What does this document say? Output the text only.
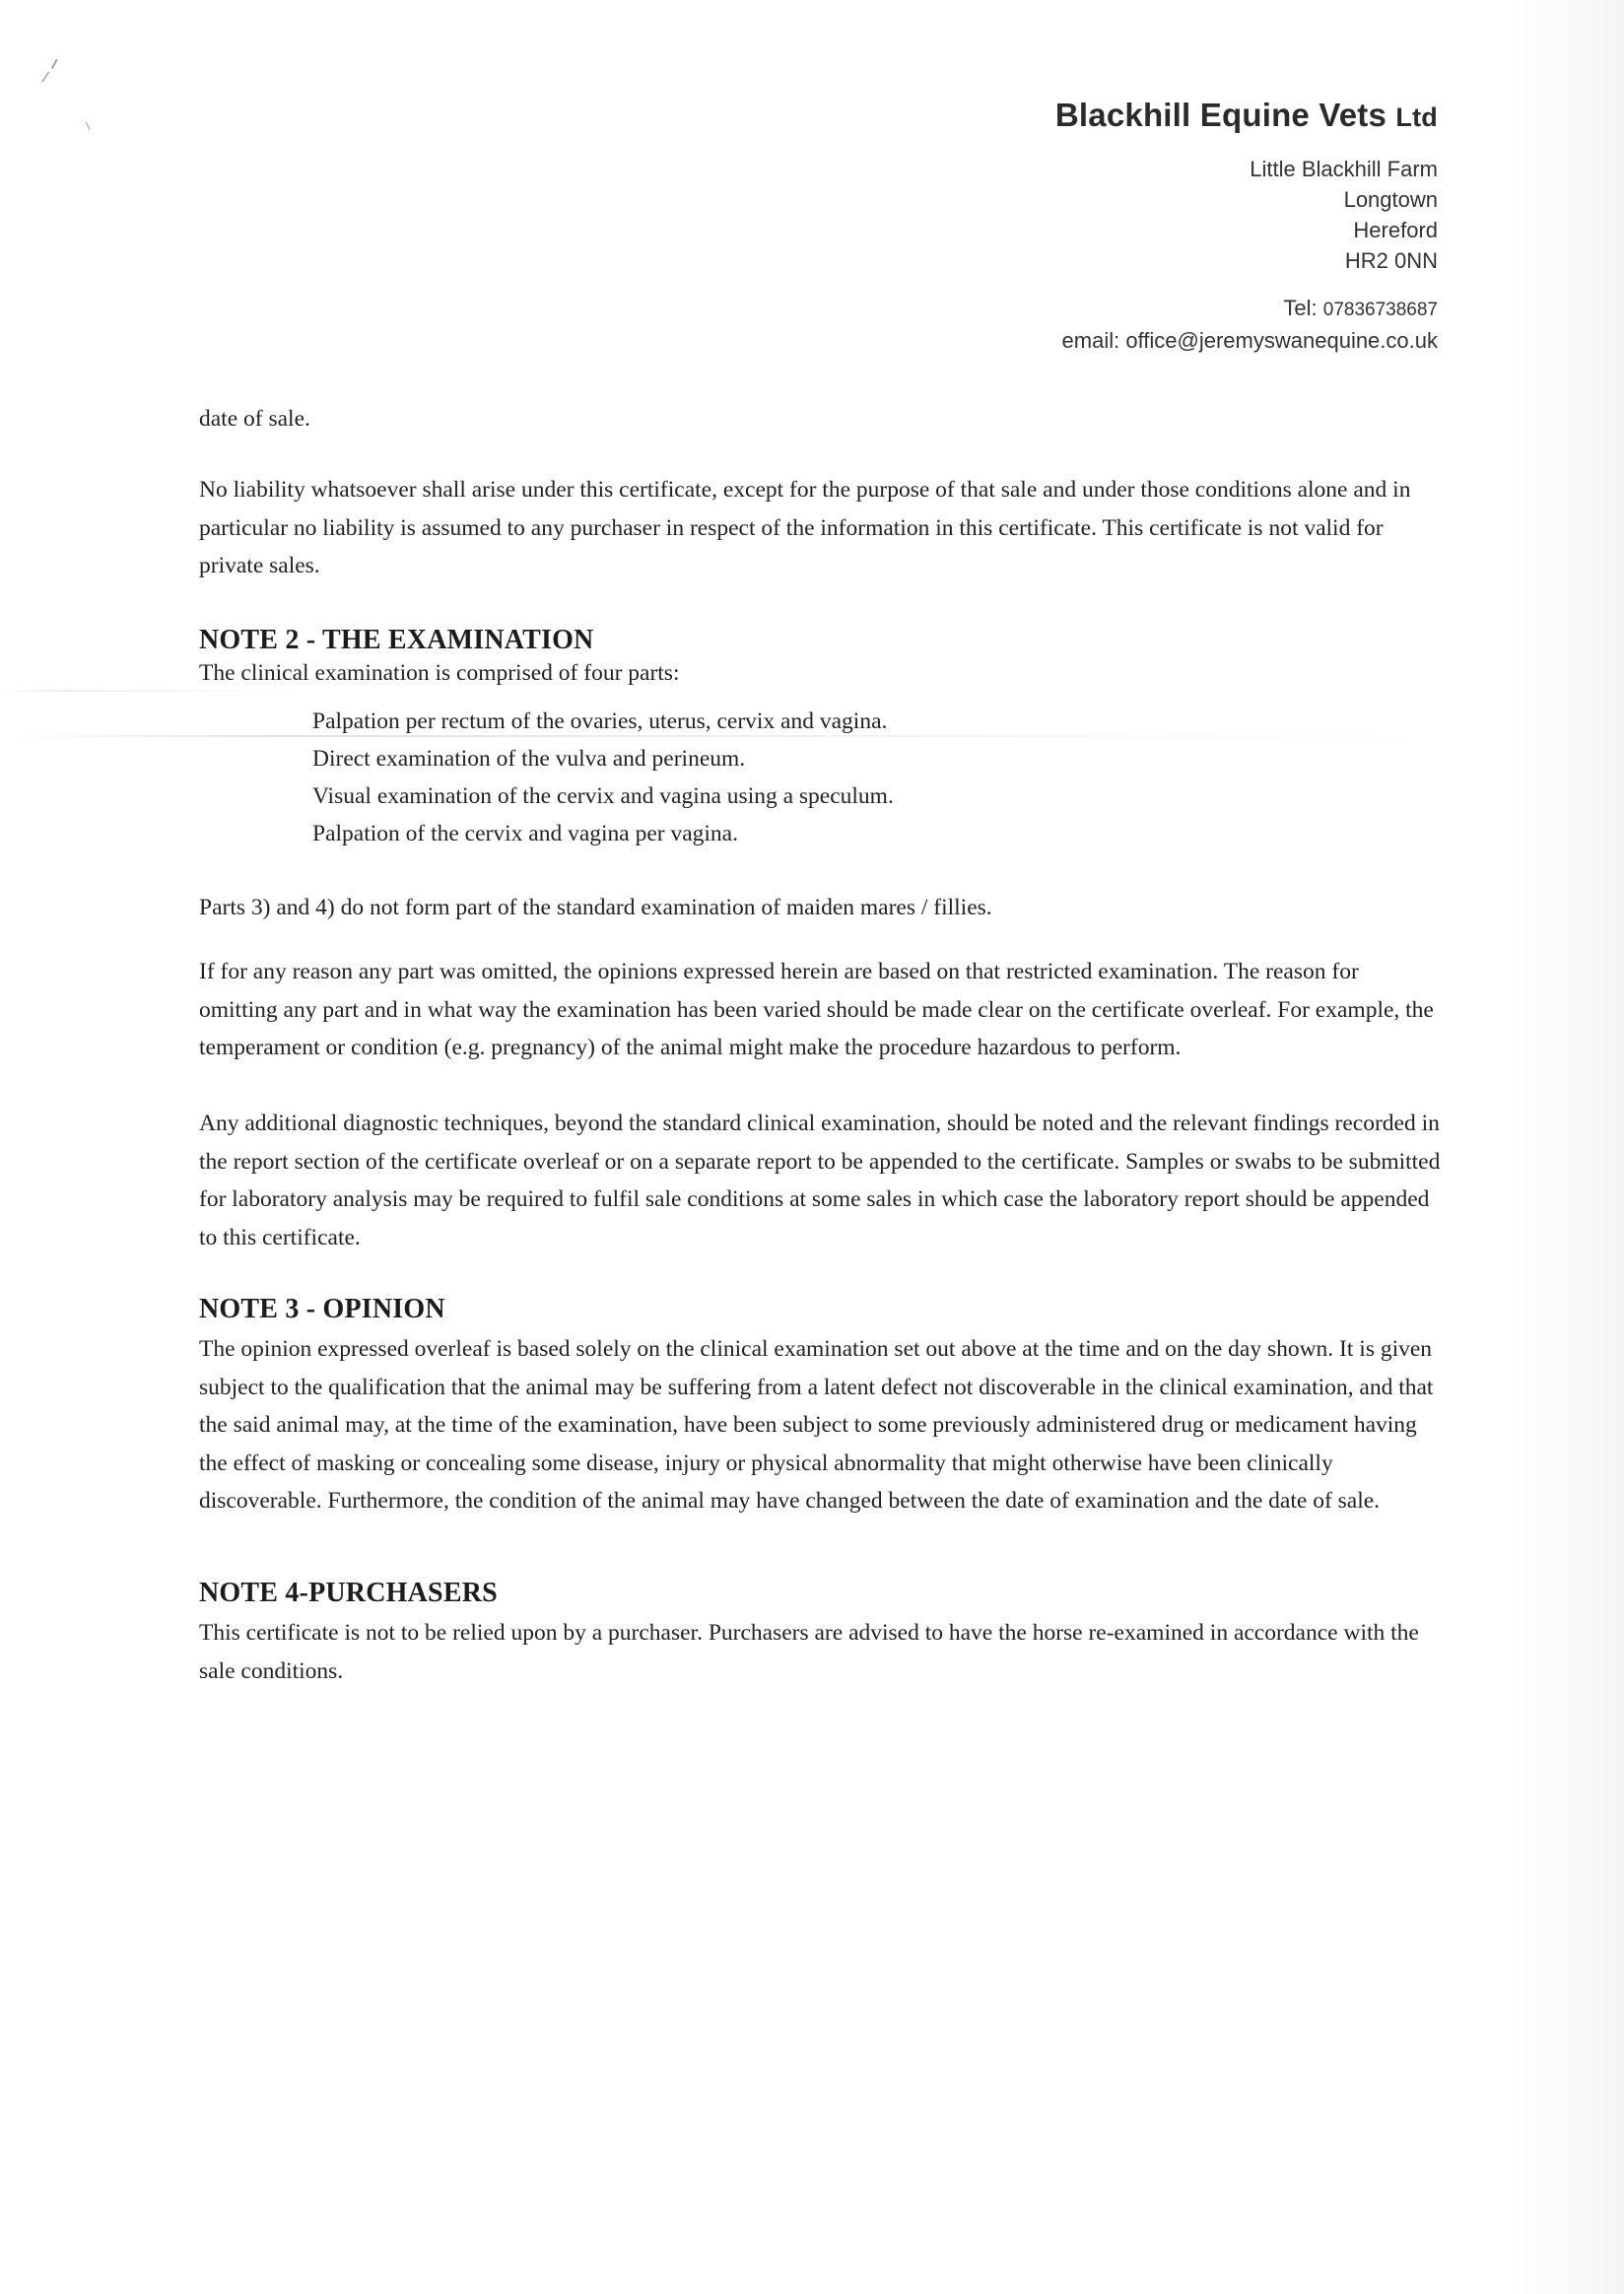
⸝ᐟ
⸜	Blackhill Equine Vets Ltd
Little Blackhill Farm
Longtown
Hereford
HR2 0NN
Tel: 07836738687
email: office@jeremyswanequine.co.uk
date of sale.
No liability whatsoever shall arise under this certificate, except for the purpose of that sale and under those conditions alone and in particular no liability is assumed to any purchaser in respect of the information in this certificate. This certificate is not valid for private sales.
NOTE 2 - THE EXAMINATION
The clinical examination is comprised of four parts:
Palpation per rectum of the ovaries, uterus, cervix and vagina.
Direct examination of the vulva and perineum.
Visual examination of the cervix and vagina using a speculum.
Palpation of the cervix and vagina per vagina.
Parts 3) and 4) do not form part of the standard examination of maiden mares / fillies.
If for any reason any part was omitted, the opinions expressed herein are based on that restricted examination. The reason for omitting any part and in what way the examination has been varied should be made clear on the certificate overleaf. For example, the temperament or condition (e.g. pregnancy) of the animal might make the procedure hazardous to perform.
Any additional diagnostic techniques, beyond the standard clinical examination, should be noted and the relevant findings recorded in the report section of the certificate overleaf or on a separate report to be appended to the certificate. Samples or swabs to be submitted for laboratory analysis may be required to fulfil sale conditions at some sales in which case the laboratory report should be appended to this certificate.
NOTE 3 - OPINION
The opinion expressed overleaf is based solely on the clinical examination set out above at the time and on the day shown. It is given subject to the qualification that the animal may be suffering from a latent defect not discoverable in the clinical examination, and that the said animal may, at the time of the examination, have been subject to some previously administered drug or medicament having the effect of masking or concealing some disease, injury or physical abnormality that might otherwise have been clinically discoverable. Furthermore, the condition of the animal may have changed between the date of examination and the date of sale.
NOTE 4-PURCHASERS
This certificate is not to be relied upon by a purchaser. Purchasers are advised to have the horse re-examined in accordance with the sale conditions.
